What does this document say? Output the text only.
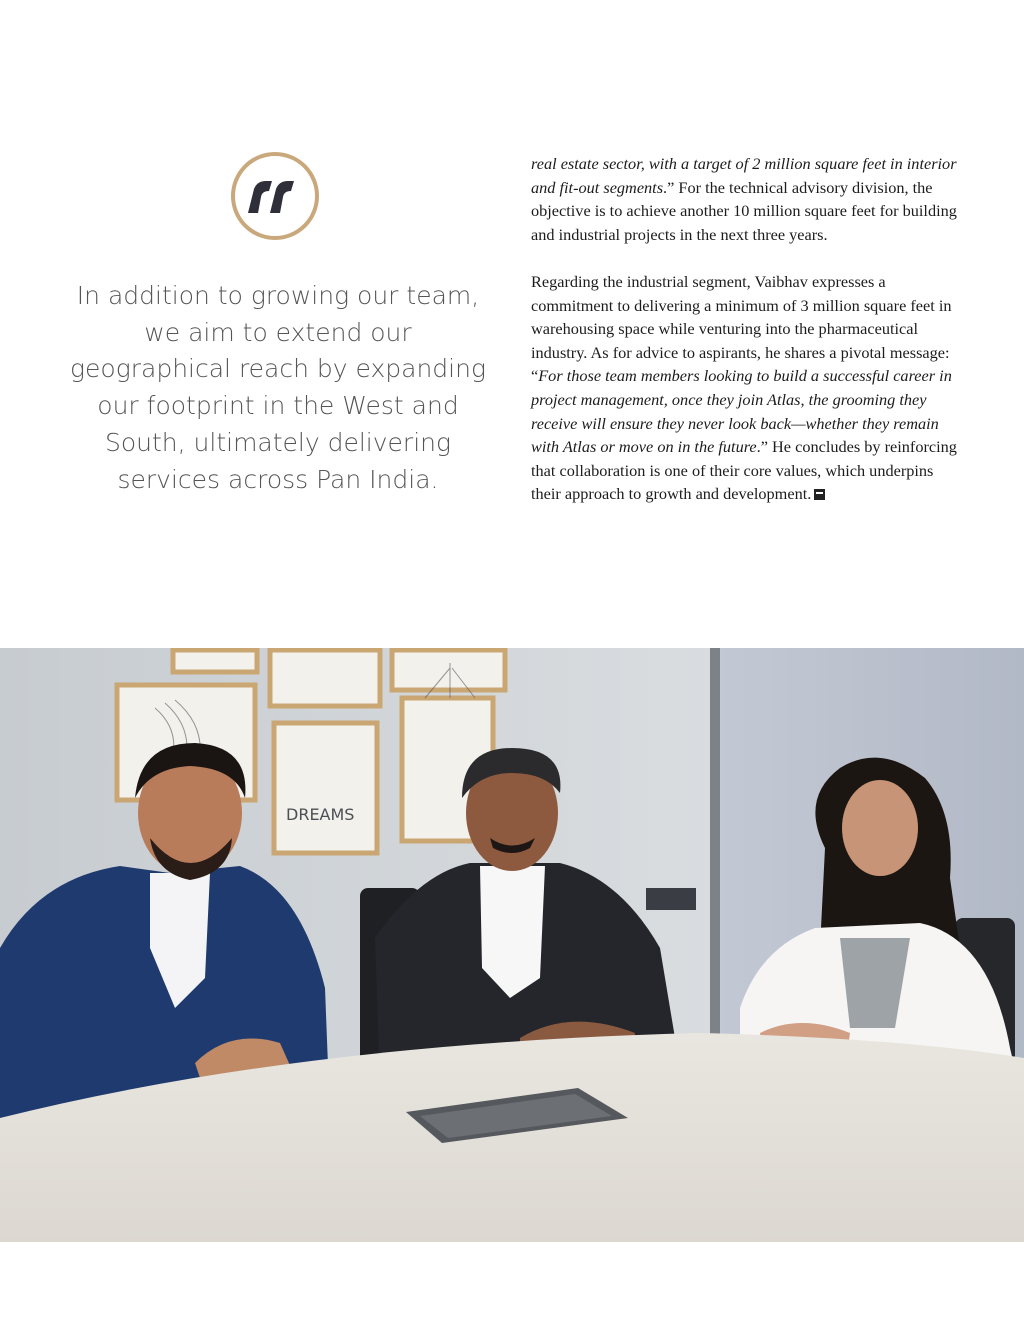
In addition to growing our team, we aim to extend our geographical reach by expanding our footprint in the West and South, ultimately delivering services across Pan India.

real estate sector, with a target of 2 million square feet in interior and fit-out segments.” For the technical advisory division, the objective is to achieve another 10 million square feet for building and industrial projects in the next three years.

Regarding the industrial segment, Vaibhav expresses a commitment to delivering a minimum of 3 million square feet in warehousing space while venturing into the pharmaceutical industry. As for advice to aspirants, he shares a pivotal message: “For those team members looking to build a successful career in project management, once they join Atlas, the grooming they receive will ensure they never look back—whether they remain with Atlas or move on in the future.” He concludes by reinforcing that collaboration is one of their core values, which underpins their approach to growth and development.

DREAMS
